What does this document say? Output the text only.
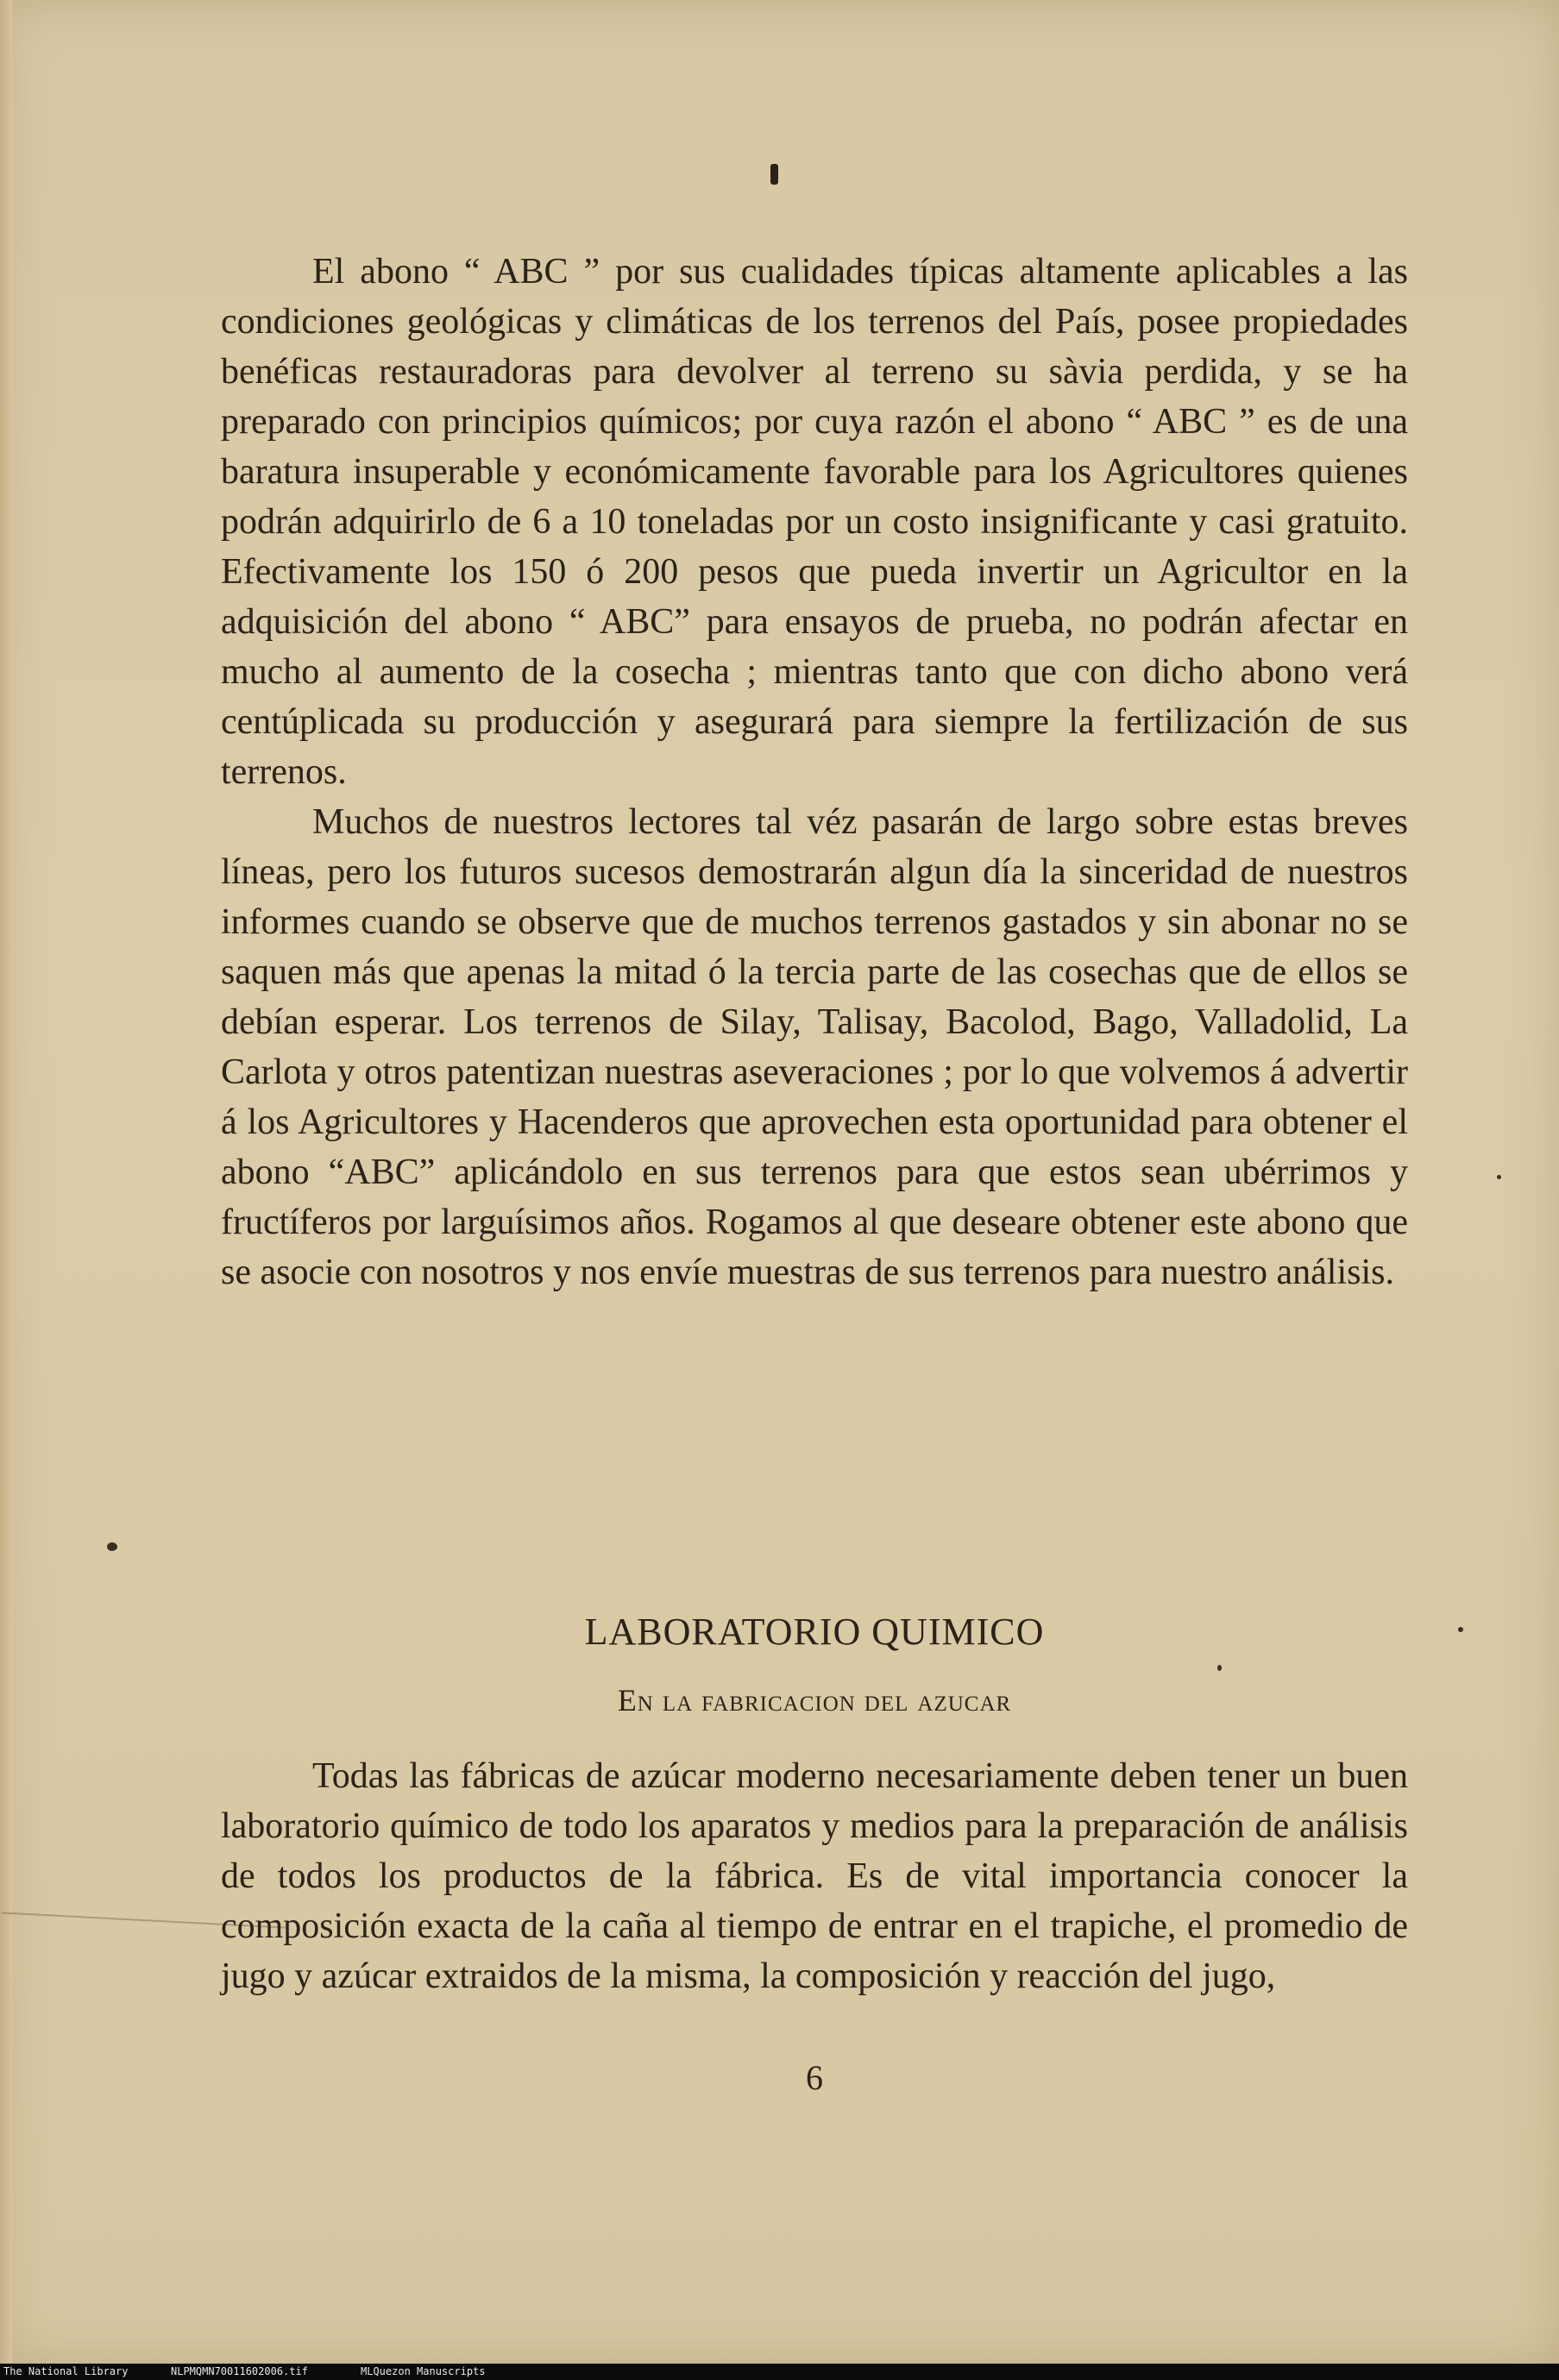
El abono “ ABC ” por sus cualidades típicas altamente aplicables a las condiciones geológicas y climáticas de los terrenos del País, posee propiedades benéficas restauradoras para devolver al terreno su sàvia perdida, y se ha preparado con principios químicos; por cuya razón el abono “ ABC ” es de una baratura insuperable y económicamente favorable para los Agricultores quienes podrán adquirirlo de 6 a 10 toneladas por un costo insignificante y casi gratuito. Efectivamente los 150 ó 200 pesos que pueda invertir un Agricultor en la adquisición del abono “ ABC” para ensayos de prueba, no podrán afectar en mucho al aumento de la cosecha ; mientras tanto que con dicho abono verá centúplicada su producción y asegurará para siempre la fertilización de sus terrenos.

Muchos de nuestros lectores tal véz pasarán de largo sobre estas breves líneas, pero los futuros sucesos demostrarán algun día la sinceridad de nuestros informes cuando se observe que de muchos terrenos gastados y sin abonar no se saquen más que apenas la mitad ó la tercia parte de las cosechas que de ellos se debían esperar. Los terrenos de Silay, Talisay, Bacolod, Bago, Valladolid, La Carlota y otros patentizan nuestras aseveraciones ; por lo que volvemos á advertir á los Agricultores y Hacenderos que aprovechen esta oportunidad para obtener el abono “ABC” aplicándolo en sus terrenos para que estos sean ubérrimos y fructíferos por larguísimos años. Rogamos al que deseare obtener este abono que se asocie con nosotros y nos envíe muestras de sus terrenos para nuestro análisis.

LABORATORIO QUIMICO
En la fabricacion del azucar

Todas las fábricas de azúcar moderno necesariamente deben tener un buen laboratorio químico de todo los aparatos y medios para la preparación de análisis de todos los productos de la fábrica. Es de vital importancia conocer la composición exacta de la caña al tiempo de entrar en el trapiche, el promedio de jugo y azúcar extraidos de la misma, la composición y reacción del jugo,

6
The National Library	NLPMQMN70011602006.tif	MLQuezon Manuscripts
